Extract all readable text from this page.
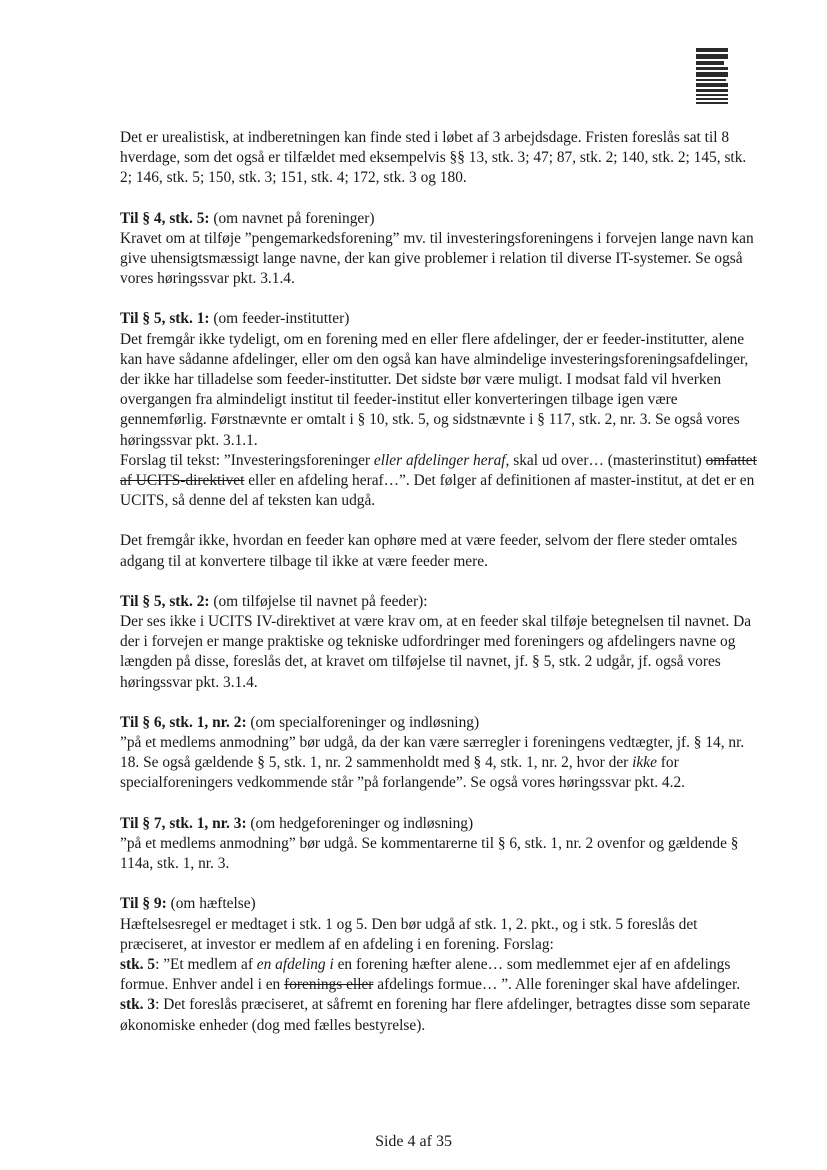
Det er urealistisk, at indberetningen kan finde sted i løbet af 3 arbejdsdage. Fristen foreslås sat til 8 hverdage, som det også er tilfældet med eksempelvis §§ 13, stk. 3; 47; 87, stk. 2; 140, stk. 2; 145, stk. 2; 146, stk. 5; 150, stk. 3; 151, stk. 4; 172, stk. 3 og 180.

Til § 4, stk. 5: (om navnet på foreninger)
Kravet om at tilføje ”pengemarkedsforening” mv. til investeringsforeningens i forvejen lange navn kan give uhensigtsmæssigt lange navne, der kan give problemer i relation til diverse IT-systemer. Se også vores høringssvar pkt. 3.1.4.
Til § 5, stk. 1: (om feeder-institutter)
Det fremgår ikke tydeligt, om en forening med en eller flere afdelinger, der er feeder-institutter, alene kan have sådanne afdelinger, eller om den også kan have almindelige investeringsforeningsafdelinger, der ikke har tilladelse som feeder-institutter. Det sidste bør være muligt. I modsat fald vil hverken overgangen fra almindeligt institut til feeder-institut eller konverteringen tilbage igen være gennemførlig. Førstnævnte er omtalt i § 10, stk. 5, og sidstnævnte i § 117, stk. 2, nr. 3. Se også vores høringssvar pkt. 3.1.1.
Forslag til tekst: ”Investeringsforeninger eller afdelinger heraf, skal ud over… (masterinstitut) omfattet af UCITS-direktivet eller en afdeling heraf…”. Det følger af definitionen af master-institut, at det er en UCITS, så denne del af teksten kan udgå.

Det fremgår ikke, hvordan en feeder kan ophøre med at være feeder, selvom der flere steder omtales adgang til at konvertere tilbage til ikke at være feeder mere.

Til § 5, stk. 2: (om tilføjelse til navnet på feeder):
Der ses ikke i UCITS IV-direktivet at være krav om, at en feeder skal tilføje betegnelsen til navnet. Da der i forvejen er mange praktiske og tekniske udfordringer med foreningers og afdelingers navne og længden på disse, foreslås det, at kravet om tilføjelse til navnet, jf. § 5, stk. 2 udgår, jf. også vores høringssvar pkt. 3.1.4.
Til § 6, stk. 1, nr. 2: (om specialforeninger og indløsning)
”på et medlems anmodning” bør udgå, da der kan være særregler i foreningens vedtægter, jf. § 14, nr. 18. Se også gældende § 5, stk. 1, nr. 2 sammenholdt med § 4, stk. 1, nr. 2, hvor der ikke for specialforeningers vedkommende står ”på forlangende”. Se også vores høringssvar pkt. 4.2.
Til § 7, stk. 1, nr. 3: (om hedgeforeninger og indløsning)
”på et medlems anmodning” bør udgå. Se kommentarerne til § 6, stk. 1, nr. 2 ovenfor og gældende § 114a, stk. 1, nr. 3.
Til § 9: (om hæftelse)
Hæftelsesregel er medtaget i stk. 1 og 5. Den bør udgå af stk. 1, 2. pkt., og i stk. 5 foreslås det præciseret, at investor er medlem af en afdeling i en forening. Forslag:
stk. 5: ”Et medlem af en afdeling i en forening hæfter alene… som medlemmet ejer af en afdelings formue. Enhver andel i en forenings eller afdelings formue… ”. Alle foreninger skal have afdelinger.
stk. 3: Det foreslås præciseret, at såfremt en forening har flere afdelinger, betragtes disse som separate økonomiske enheder (dog med fælles bestyrelse).
Side 4 af 35
